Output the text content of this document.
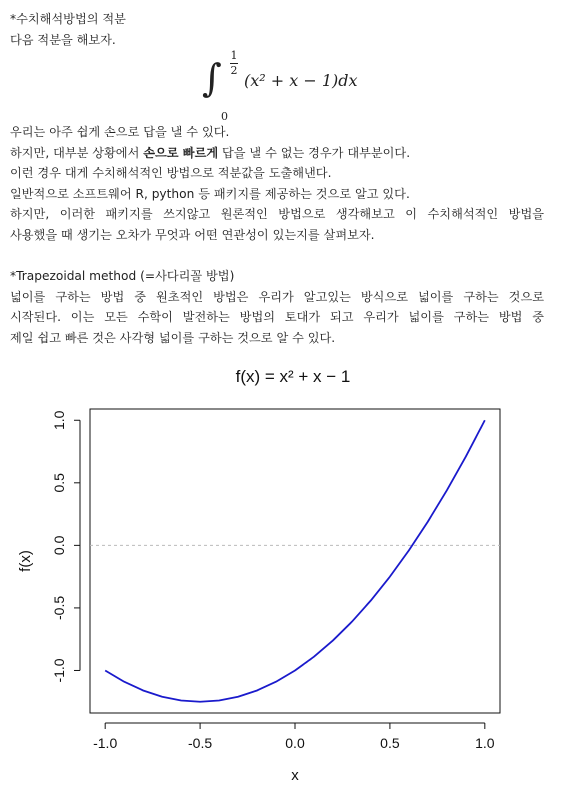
*수치해석방법의 적분
다음 적분을 해보자.
∫
1
2
0
(x² + x − 1)dx
우리는 아주 쉽게 손으로 답을 낼 수 있다.
하지만, 대부분 상황에서 손으로 빠르게 답을 낼 수 없는 경우가 대부분이다.
이런 경우 대게 수치해석적인 방법으로 적분값을 도출해낸다.
일반적으로 소프트웨어 R, python 등 패키지를 제공하는 것으로 알고 있다.
하지만, 이러한 패키지를 쓰지않고 원론적인 방법으로 생각해보고 이 수치해석적인 방법을
사용했을 때 생기는 오차가 무엇과 어떤 연관성이 있는지를 살펴보자.
*Trapezoidal method (=사다리꼴 방법)
넓이를 구하는 방법 중 원초적인 방법은 우리가 알고있는 방식으로 넓이를 구하는 것으로
시작된다. 이는 모든 수학이 발전하는 방법의 토대가 되고 우리가 넓이를 구하는 방법 중
제일 쉽고 빠른 것은 사각형 넓이를 구하는 것으로 알 수 있다.
f(x) = x² + x − 1
-1.0	-0.5	0.0	0.5	1.0
-1.0
-0.5
0.0
0.5
1.0
x
f(x)
